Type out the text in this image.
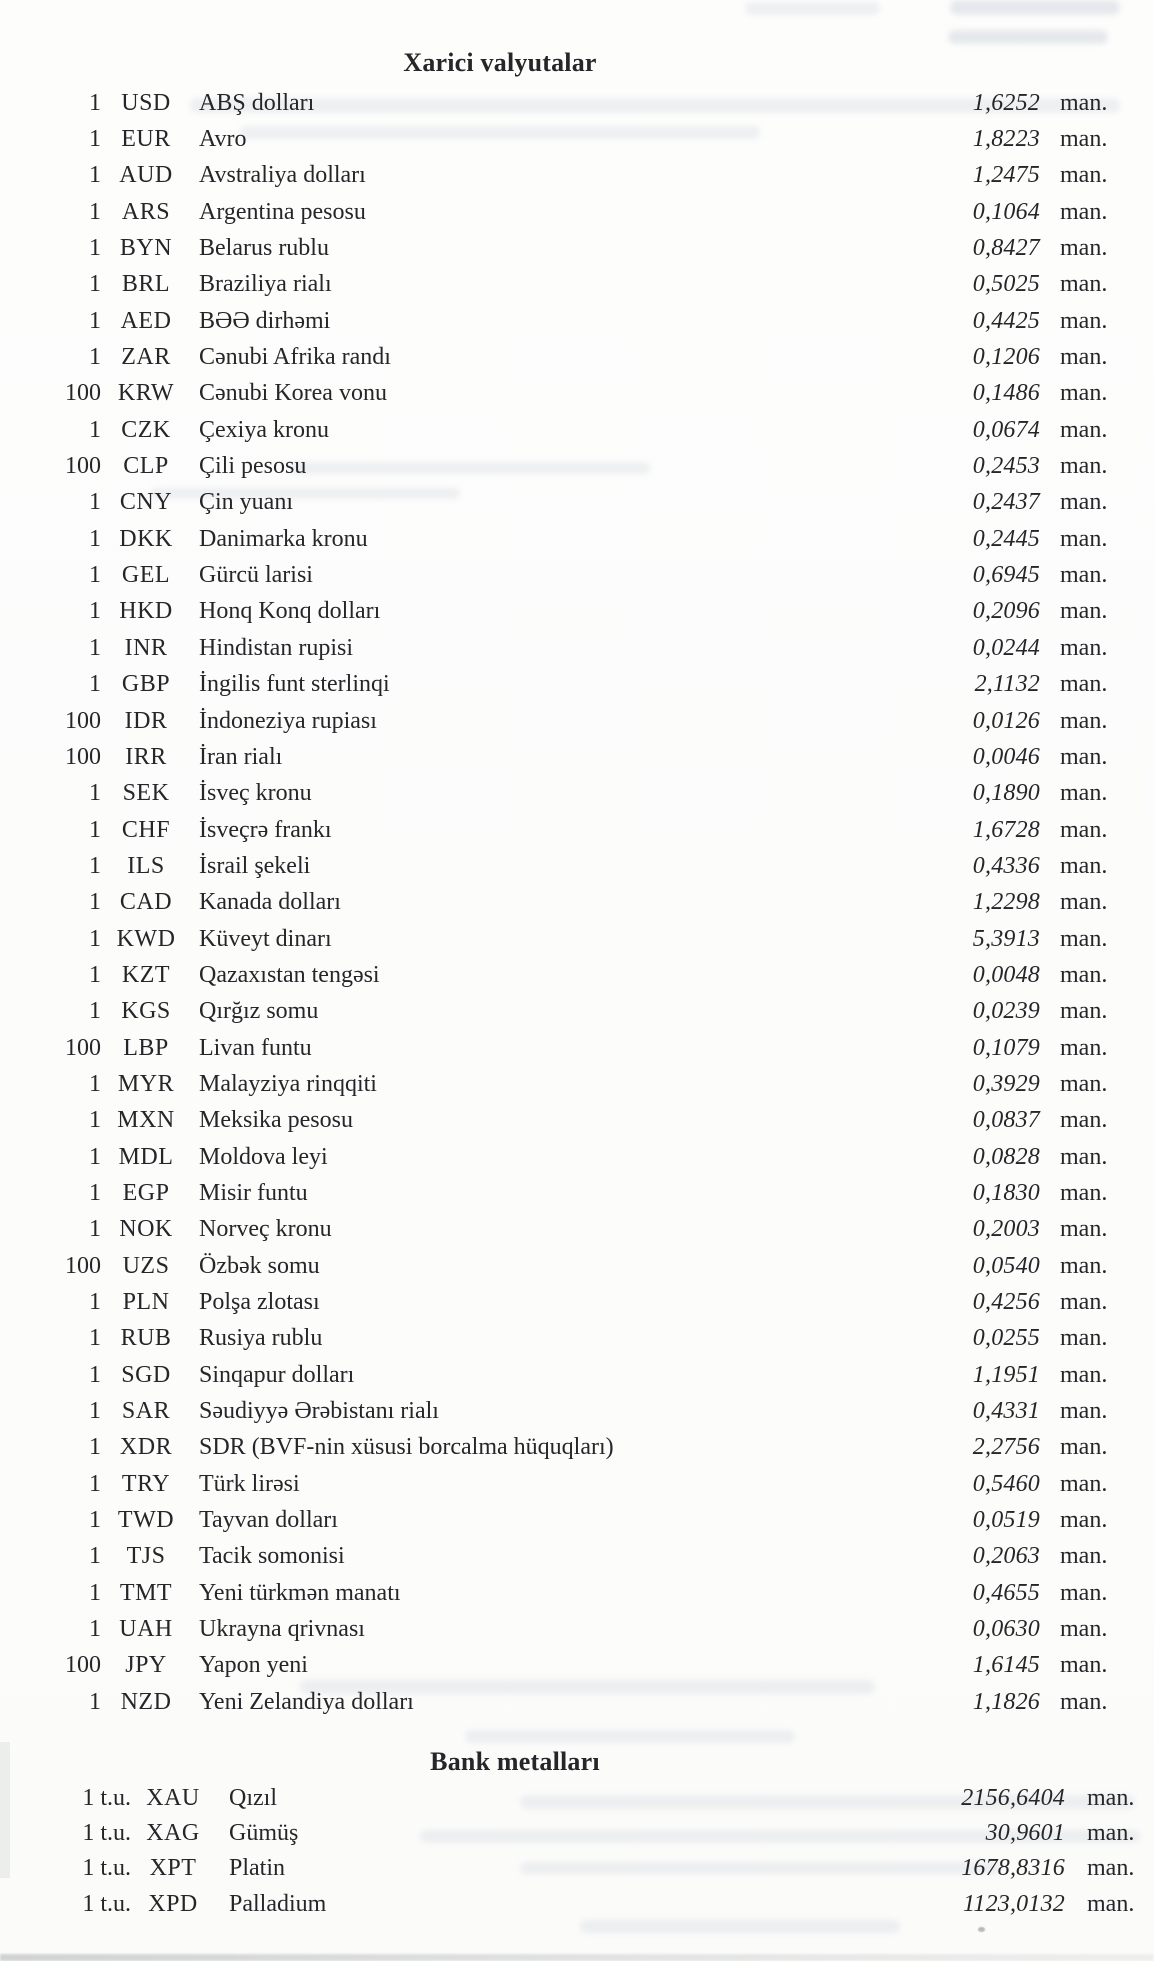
Xarici valyutalar
1 USD	ABŞ dolları	1,6252 man.
1 EUR	Avro	1,8223 man.
1 AUD	Avstraliya dolları	1,2475 man.
1 ARS	Argentina pesosu	0,1064 man.
1 BYN	Belarus rublu	0,8427 man.
1 BRL	Braziliya rialı	0,5025 man.
1 AED	BƏƏ dirhəmi	0,4425 man.
1 ZAR	Cənubi Afrika randı	0,1206 man.
100 KRW	Cənubi Korea vonu	0,1486 man.
1 CZK	Çexiya kronu	0,0674 man.
100 CLP	Çili pesosu	0,2453 man.
1 CNY	Çin yuanı	0,2437 man.
1 DKK	Danimarka kronu	0,2445 man.
1 GEL	Gürcü larisi	0,6945 man.
1 HKD	Honq Konq dolları	0,2096 man.
1 INR	Hindistan rupisi	0,0244 man.
1 GBP	İngilis funt sterlinqi	2,1132 man.
100 IDR	İndoneziya rupiası	0,0126 man.
100	IRR	İran rialı	0,0046 man.
1 SEK	İsveç kronu	0,1890 man.
1 CHF	İsveçrə frankı	1,6728 man.
1	ILS	İsrail şekeli	0,4336 man.
1 CAD	Kanada dolları	1,2298 man.
1 KWD Küveyt dinarı	5,3913 man.
1 KZT	Qazaxıstan tengəsi	0,0048 man.
1 KGS	Qırğız somu	0,0239 man.
100 LBP	Livan funtu	0,1079 man.
1 MYR	Malayziya rinqqiti	0,3929 man.
1 MXN	Meksika pesosu	0,0837 man.
1 MDL	Moldova leyi	0,0828 man.
1 EGP	Misir funtu	0,1830 man.
1 NOK	Norveç kronu	0,2003 man.
100 UZS	Özbək somu	0,0540 man.
1 PLN	Polşa zlotası	0,4256 man.
1 RUB	Rusiya rublu	0,0255 man.
1 SGD	Sinqapur dolları	1,1951 man.
1 SAR	Səudiyyə Ərəbistanı rialı	0,4331 man.
1 XDR	SDR (BVF-nin xüsusi borcalma hüquqları)	2,2756 man.
1 TRY	Türk lirəsi	0,5460 man.
1 TWD	Tayvan dolları	0,0519 man.
1	TJS	Tacik somonisi	0,2063 man.
1 TMT	Yeni türkmən manatı	0,4655 man.
1 UAH	Ukrayna qrivnası	0,0630 man.
100	JPY	Yapon yeni	1,6145 man.
1 NZD	Yeni Zelandiya dolları	1,1826 man.
Bank metalları
1 t.u. XAU	Qızıl	2156,6404 man.
1 t.u. XAG	Gümüş	30,9601 man.
1 t.u. XPT	Platin	1678,8316 man.
1 t.u. XPD	Palladium	1123,0132 man.
